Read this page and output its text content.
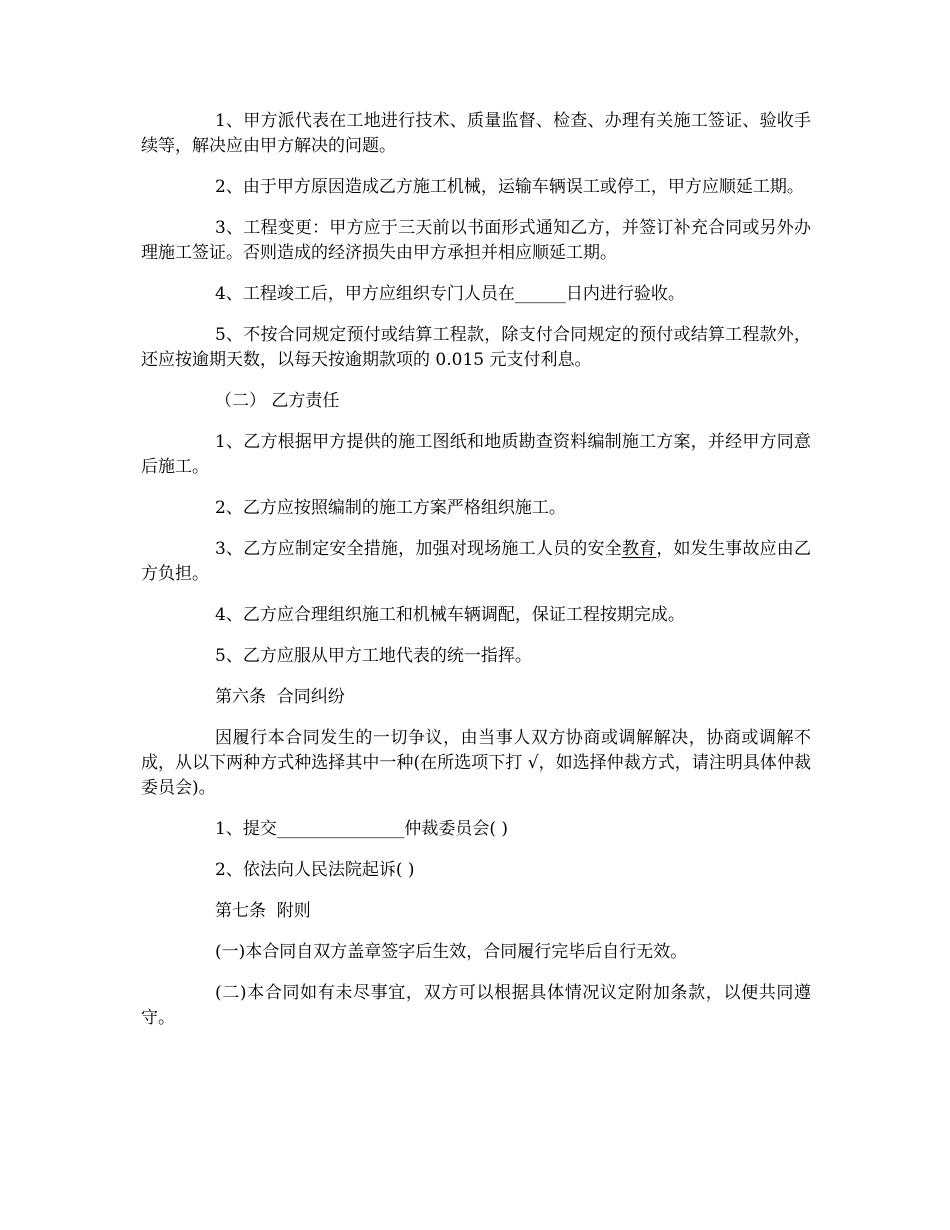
1、甲方派代表在工地进行技术、质量监督、检查、办理有关施工签证、验收手续等，解决应由甲方解决的问题。

2、由于甲方原因造成乙方施工机械，运输车辆误工或停工，甲方应顺延工期。

3、工程变更：甲方应于三天前以书面形式通知乙方，并签订补充合同或另外办理施工签证。否则造成的经济损失由甲方承担并相应顺延工期。

4、工程竣工后，甲方应组织专门人员在______日内进行验收。

5、不按合同规定预付或结算工程款，除支付合同规定的预付或结算工程款外，还应按逾期天数，以每天按逾期款项的 0.015 元支付利息。

（二） 乙方责任

1、乙方根据甲方提供的施工图纸和地质勘查资料编制施工方案，并经甲方同意后施工。

2、乙方应按照编制的施工方案严格组织施工。

3、乙方应制定安全措施，加强对现场施工人员的安全教育，如发生事故应由乙方负担。

4、乙方应合理组织施工和机械车辆调配，保证工程按期完成。

5、乙方应服从甲方工地代表的统一指挥。

第六条  合同纠纷

因履行本合同发生的一切争议，由当事人双方协商或调解解决，协商或调解不成，从以下两种方式种选择其中一种(在所选项下打 √，如选择仲裁方式，请注明具体仲裁委员会)。

1、提交_______________仲裁委员会( )

2、依法向人民法院起诉( )

第七条  附则

(一)本合同自双方盖章签字后生效，合同履行完毕后自行无效。

(二)本合同如有未尽事宜，双方可以根据具体情况议定附加条款，以便共同遵守。
